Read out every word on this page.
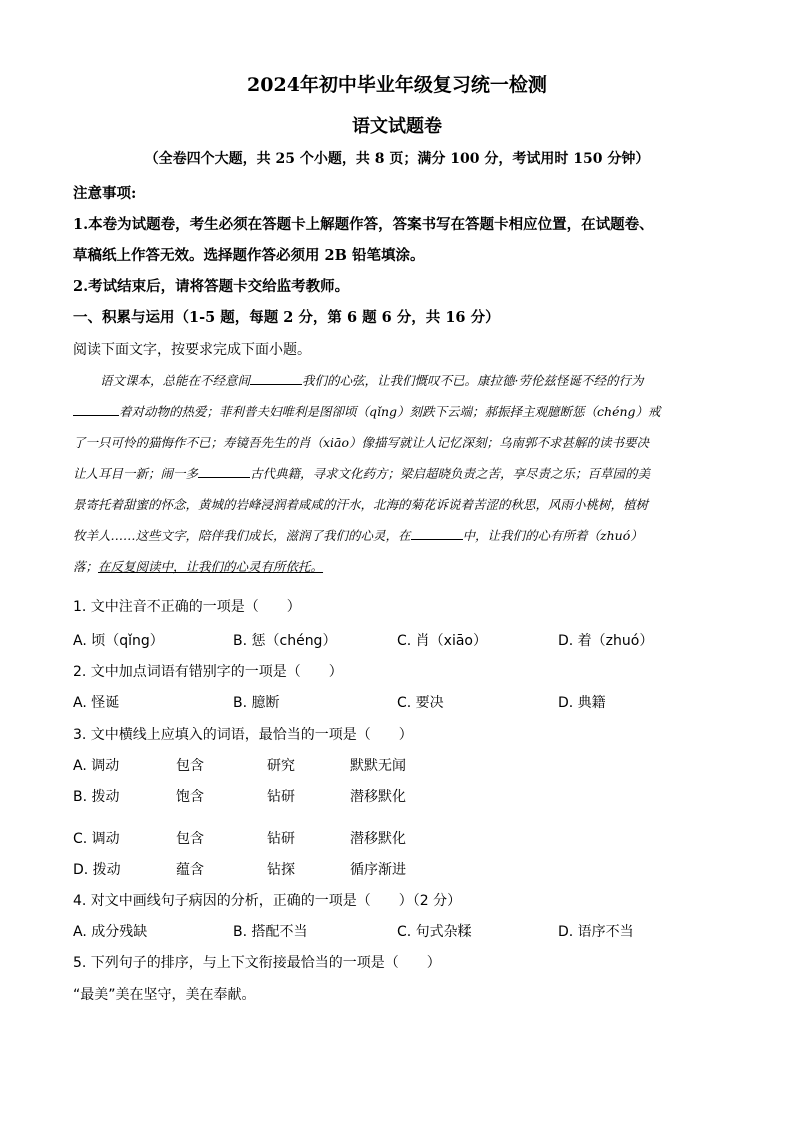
2024年初中毕业年级复习统一检测
语文试题卷
（全卷四个大题，共 25 个小题，共 8 页；满分 100 分，考试用时 150 分钟）
注意事项:
1.本卷为试题卷，考生必须在答题卡上解题作答，答案书写在答题卡相应位置，在试题卷、
草稿纸上作答无效。选择题作答必须用 2B 铅笔填涂。
2.考试结束后，请将答题卡交给监考教师。
一、积累与运用（1-5 题，每题 2 分，第 6 题 6 分，共 16 分）
阅读下面文字，按要求完成下面小题。
语文课本，总能在不经意间	我们的心弦，让我们慨叹不已。康拉德·劳伦兹怪诞不经的行为
着对动物的热爱；菲利普夫妇唯利是图卻顷（qǐng）刻跌下云端；郝振择主观臆断惩（chéng）戒
了一只可怜的猫悔作不已；寿镜吾先生的肖（xiāo）像描写就让人记忆深刻；乌南郭不求甚解的读书要决
让人耳目一新；闹一多	古代典籍，寻求文化药方；梁启超晓负责之苦，享尽责之乐；百草园的美
景寄托着甜蜜的怀念，黄城的岩峰浸润着咸咸的汗水，北海的菊花诉说着苦涩的秋思，风雨小桃树，植树
牧羊人……这些文字，陪伴我们成长，滋润了我们的心灵，在	中，让我们的心有所着（zhuó）
落；在反复阅读中，让我们的心灵有所依托。
1. 文中注音不正确的一项是（　　）
A. 顷（qǐng）	B. 惩（chéng）	C. 肖（xiāo）	D. 着（zhuó）
2. 文中加点词语有错别字的一项是（　　）
A. 怪诞	B. 臆断	C. 要决	D. 典籍
3. 文中横线上应填入的词语，最恰当的一项是（　　）
A. 调动	包含	研究	默默无闻
B. 拨动	饱含	钻研	潜移默化
C. 调动	包含	钻研	潜移默化
D. 拨动	蕴含	钻探	循序渐进
4. 对文中画线句子病因的分析，正确的一项是（　　）（2 分）
A. 成分残缺	B. 搭配不当	C. 句式杂糅	D. 语序不当
5. 下列句子的排序，与上下文衔接最恰当的一项是（　　）
“最美”美在坚守，美在奉献。
